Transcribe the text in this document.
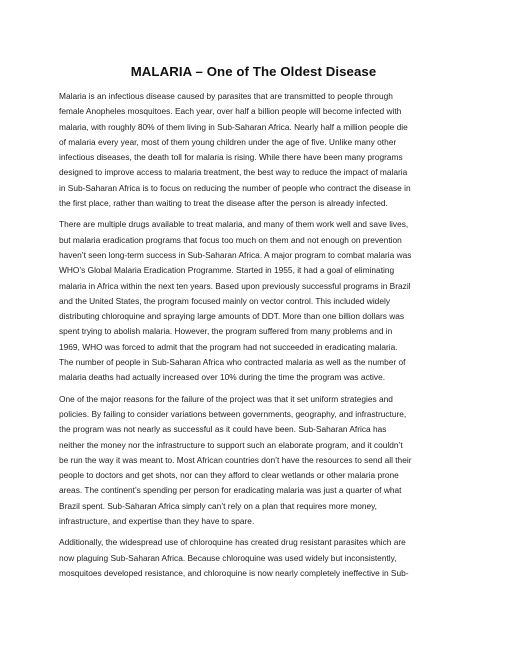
MALARIA – One of The Oldest Disease

Malaria is an infectious disease caused by parasites that are transmitted to people through
female Anopheles mosquitoes. Each year, over half a billion people will become infected with
malaria, with roughly 80% of them living in Sub-Saharan Africa. Nearly half a million people die
of malaria every year, most of them young children under the age of five. Unlike many other
infectious diseases, the death toll for malaria is rising. While there have been many programs
designed to improve access to malaria treatment, the best way to reduce the impact of malaria
in Sub-Saharan Africa is to focus on reducing the number of people who contract the disease in
the first place, rather than waiting to treat the disease after the person is already infected.

There are multiple drugs available to treat malaria, and many of them work well and save lives,
but malaria eradication programs that focus too much on them and not enough on prevention
haven’t seen long-term success in Sub-Saharan Africa. A major program to combat malaria was
WHO’s Global Malaria Eradication Programme. Started in 1955, it had a goal of eliminating
malaria in Africa within the next ten years. Based upon previously successful programs in Brazil
and the United States, the program focused mainly on vector control. This included widely
distributing chloroquine and spraying large amounts of DDT. More than one billion dollars was
spent trying to abolish malaria. However, the program suffered from many problems and in
1969, WHO was forced to admit that the program had not succeeded in eradicating malaria.
The number of people in Sub-Saharan Africa who contracted malaria as well as the number of
malaria deaths had actually increased over 10% during the time the program was active.

One of the major reasons for the failure of the project was that it set uniform strategies and
policies. By failing to consider variations between governments, geography, and infrastructure,
the program was not nearly as successful as it could have been. Sub-Saharan Africa has
neither the money nor the infrastructure to support such an elaborate program, and it couldn’t
be run the way it was meant to. Most African countries don’t have the resources to send all their
people to doctors and get shots, nor can they afford to clear wetlands or other malaria prone
areas. The continent’s spending per person for eradicating malaria was just a quarter of what
Brazil spent. Sub-Saharan Africa simply can’t rely on a plan that requires more money,
infrastructure, and expertise than they have to spare.

Additionally, the widespread use of chloroquine has created drug resistant parasites which are
now plaguing Sub-Saharan Africa. Because chloroquine was used widely but inconsistently,
mosquitoes developed resistance, and chloroquine is now nearly completely ineffective in Sub-
